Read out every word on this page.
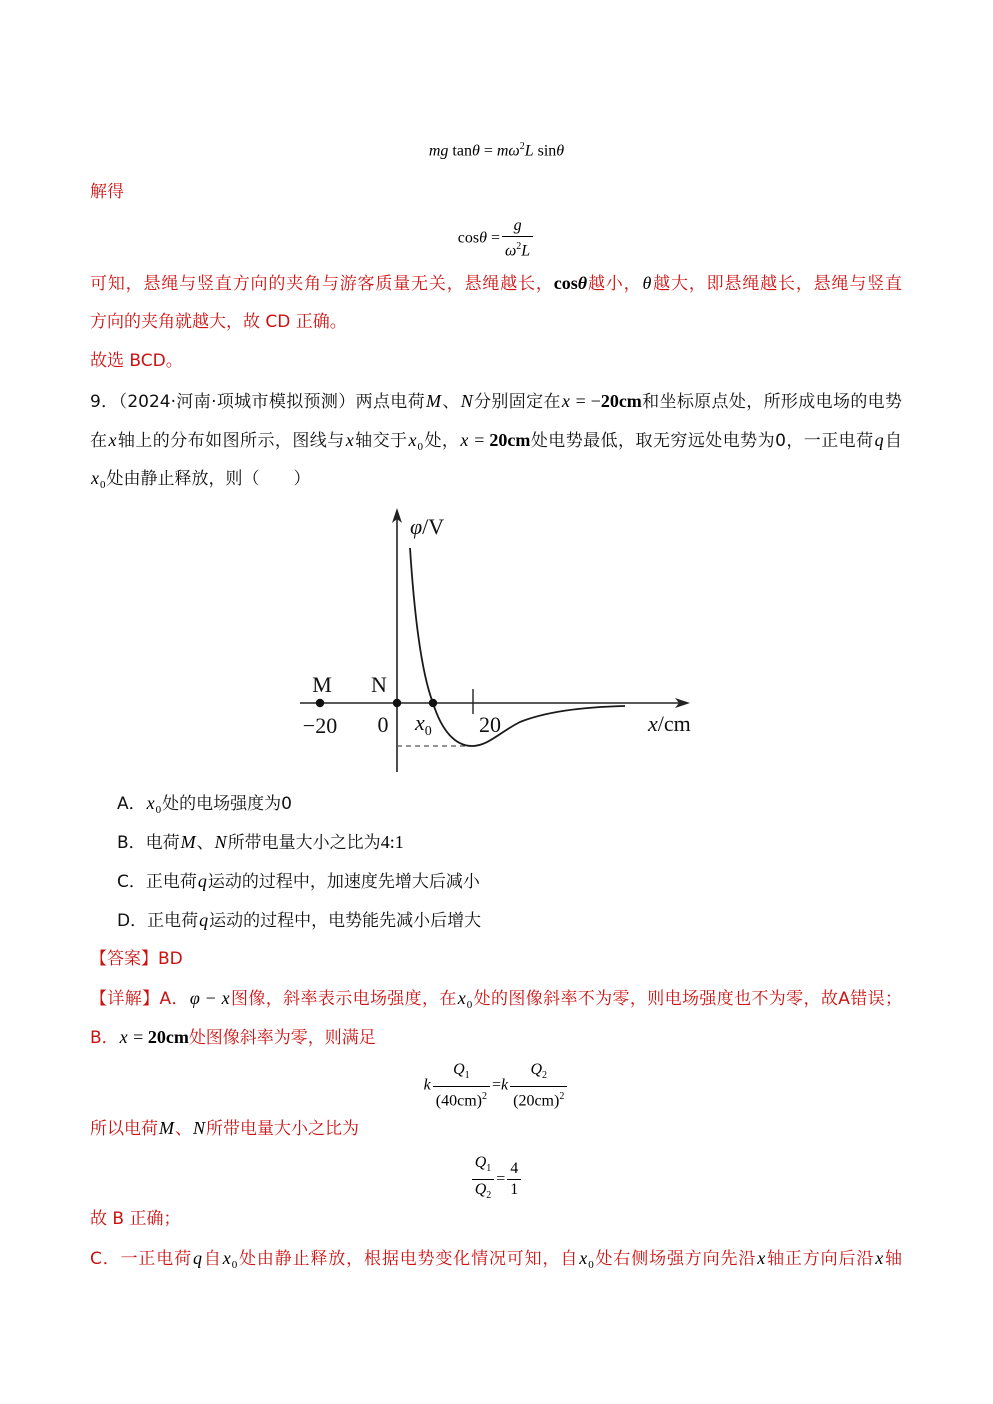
mg $\tan\theta = m\omega^2L$ sinθ
解得
$\cos\theta = \frac{g}{\omega^2L}$
可知，悬绳与竖直方向的夹角与游客质量无关，悬绳越长，cosθ越小，θ越大，即悬绳越长，悬绳与竖直
方向的夹角就越大，故 CD 正确。
故选 BCD。
9．（2024·河南·项城市模拟预测）两点电荷M、N分别固定在x = −20cm和坐标原点处，所形成电场的电势
在x轴上的分布如图所示，图线与x轴交于$x_0$处，x = 20cm处电势最低，取无穷远处电势为0，一正电荷q自
$x_0$处由静止释放，则（　　）
φ/V
M N
−20 0 $x_0$ 20	x/cm
A．$x_0$处的电场强度为0
B．电荷M、N所带电量大小之比为4:1
C．正电荷q运动的过程中，加速度先增大后减小
D．正电荷q运动的过程中，电势能先减小后增大
【答案】BD
【详解】A．φ − x图像，斜率表示电场强度，在$x_0$处的图像斜率不为零，则电场强度也不为零，故A错误；
B．x = 20cm处图像斜率为零，则满足
k $\frac{Q_1}{(40cm)^2} =k \frac{Q_2}{(20cm)^2}$
所以电荷M、N所带电量大小之比为
$\frac{Q_1}{Q_2} = \frac{4}{1}$
故 B 正确；
C．一正电荷q自$x_0$处由静止释放，根据电势变化情况可知，自$x_0$处右侧场强方向先沿x轴正方向后沿x轴
